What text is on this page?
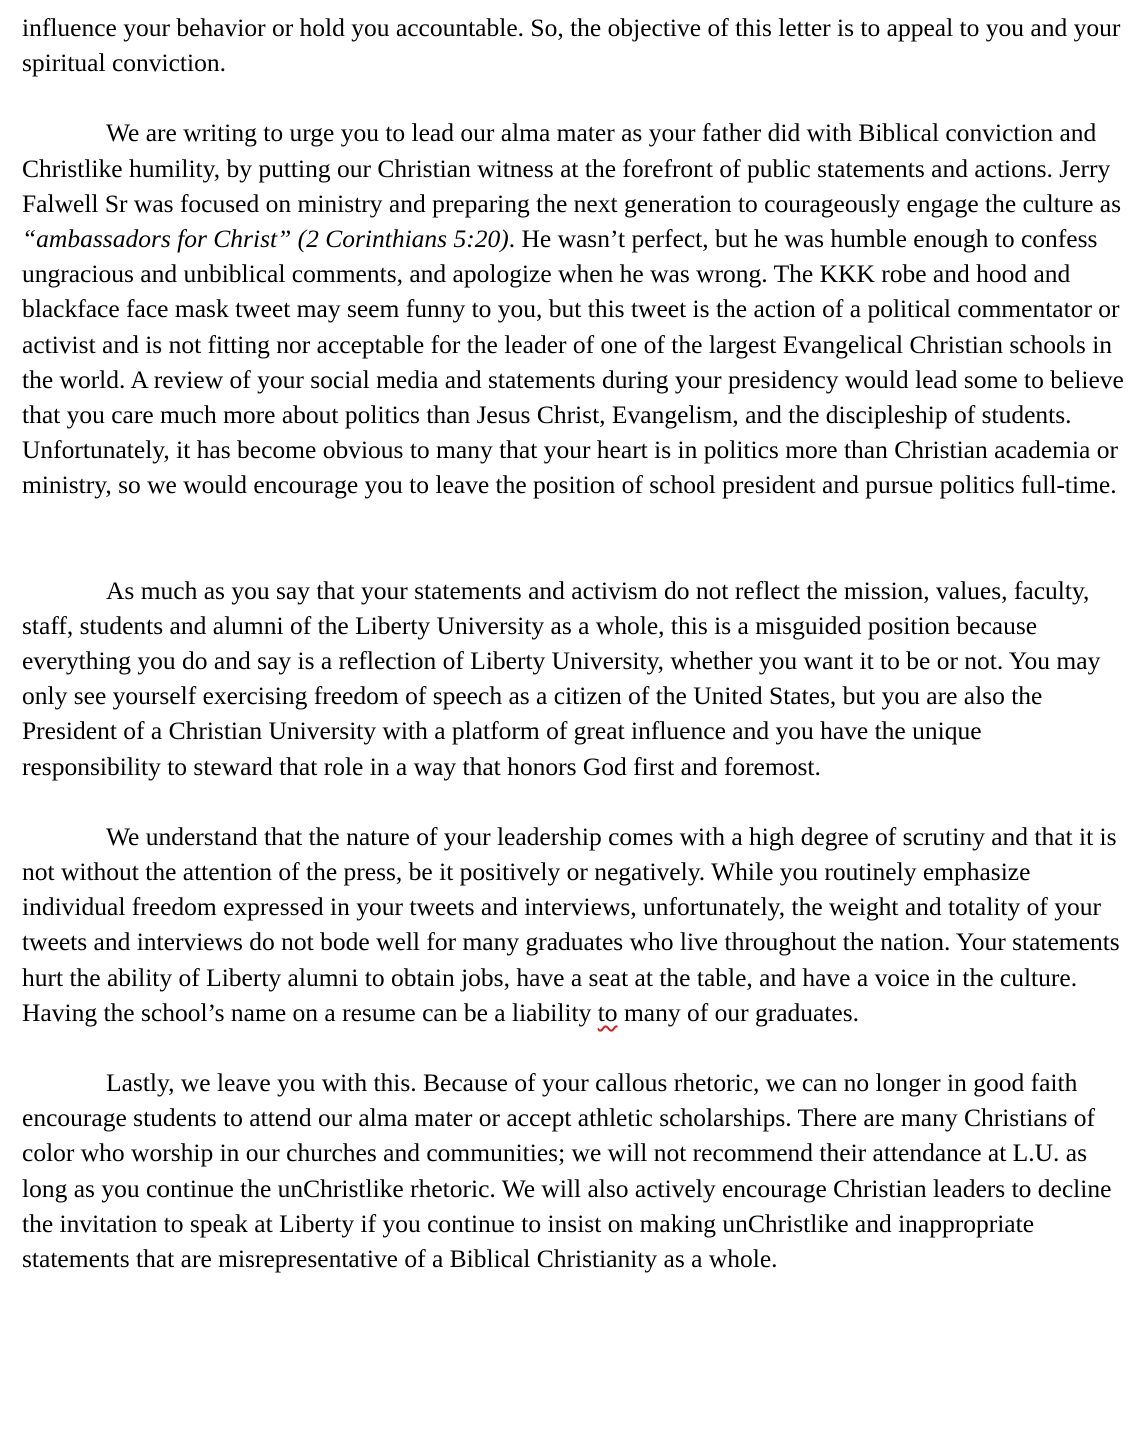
influence your behavior or hold you accountable. So, the objective of this letter is to appeal to you and your spiritual conviction.

We are writing to urge you to lead our alma mater as your father did with Biblical conviction and Christlike humility, by putting our Christian witness at the forefront of public statements and actions. Jerry Falwell Sr was focused on ministry and preparing the next generation to courageously engage the culture as “ambassadors for Christ” (2 Corinthians 5:20). He wasn’t perfect, but he was humble enough to confess ungracious and unbiblical comments, and apologize when he was wrong. The KKK robe and hood and blackface face mask tweet may seem funny to you, but this tweet is the action of a political commentator or activist and is not fitting nor acceptable for the leader of one of the largest Evangelical Christian schools in the world. A review of your social media and statements during your presidency would lead some to believe that you care much more about politics than Jesus Christ, Evangelism, and the discipleship of students. Unfortunately, it has become obvious to many that your heart is in politics more than Christian academia or ministry, so we would encourage you to leave the position of school president and pursue politics full-time.

As much as you say that your statements and activism do not reflect the mission, values, faculty, staff, students and alumni of the Liberty University as a whole, this is a misguided position because everything you do and say is a reflection of Liberty University, whether you want it to be or not. You may only see yourself exercising freedom of speech as a citizen of the United States, but you are also the President of a Christian University with a platform of great influence and you have the unique responsibility to steward that role in a way that honors God first and foremost.

We understand that the nature of your leadership comes with a high degree of scrutiny and that it is not without the attention of the press, be it positively or negatively. While you routinely emphasize individual freedom expressed in your tweets and interviews, unfortunately, the weight and totality of your tweets and interviews do not bode well for many graduates who live throughout the nation. Your statements hurt the ability of Liberty alumni to obtain jobs, have a seat at the table, and have a voice in the culture. Having the school’s name on a resume can be a liability to many of our graduates.

Lastly, we leave you with this. Because of your callous rhetoric, we can no longer in good faith encourage students to attend our alma mater or accept athletic scholarships. There are many Christians of color who worship in our churches and communities; we will not recommend their attendance at L.U. as long as you continue the unChristlike rhetoric. We will also actively encourage Christian leaders to decline the invitation to speak at Liberty if you continue to insist on making unChristlike and inappropriate statements that are misrepresentative of a Biblical Christianity as a whole.
